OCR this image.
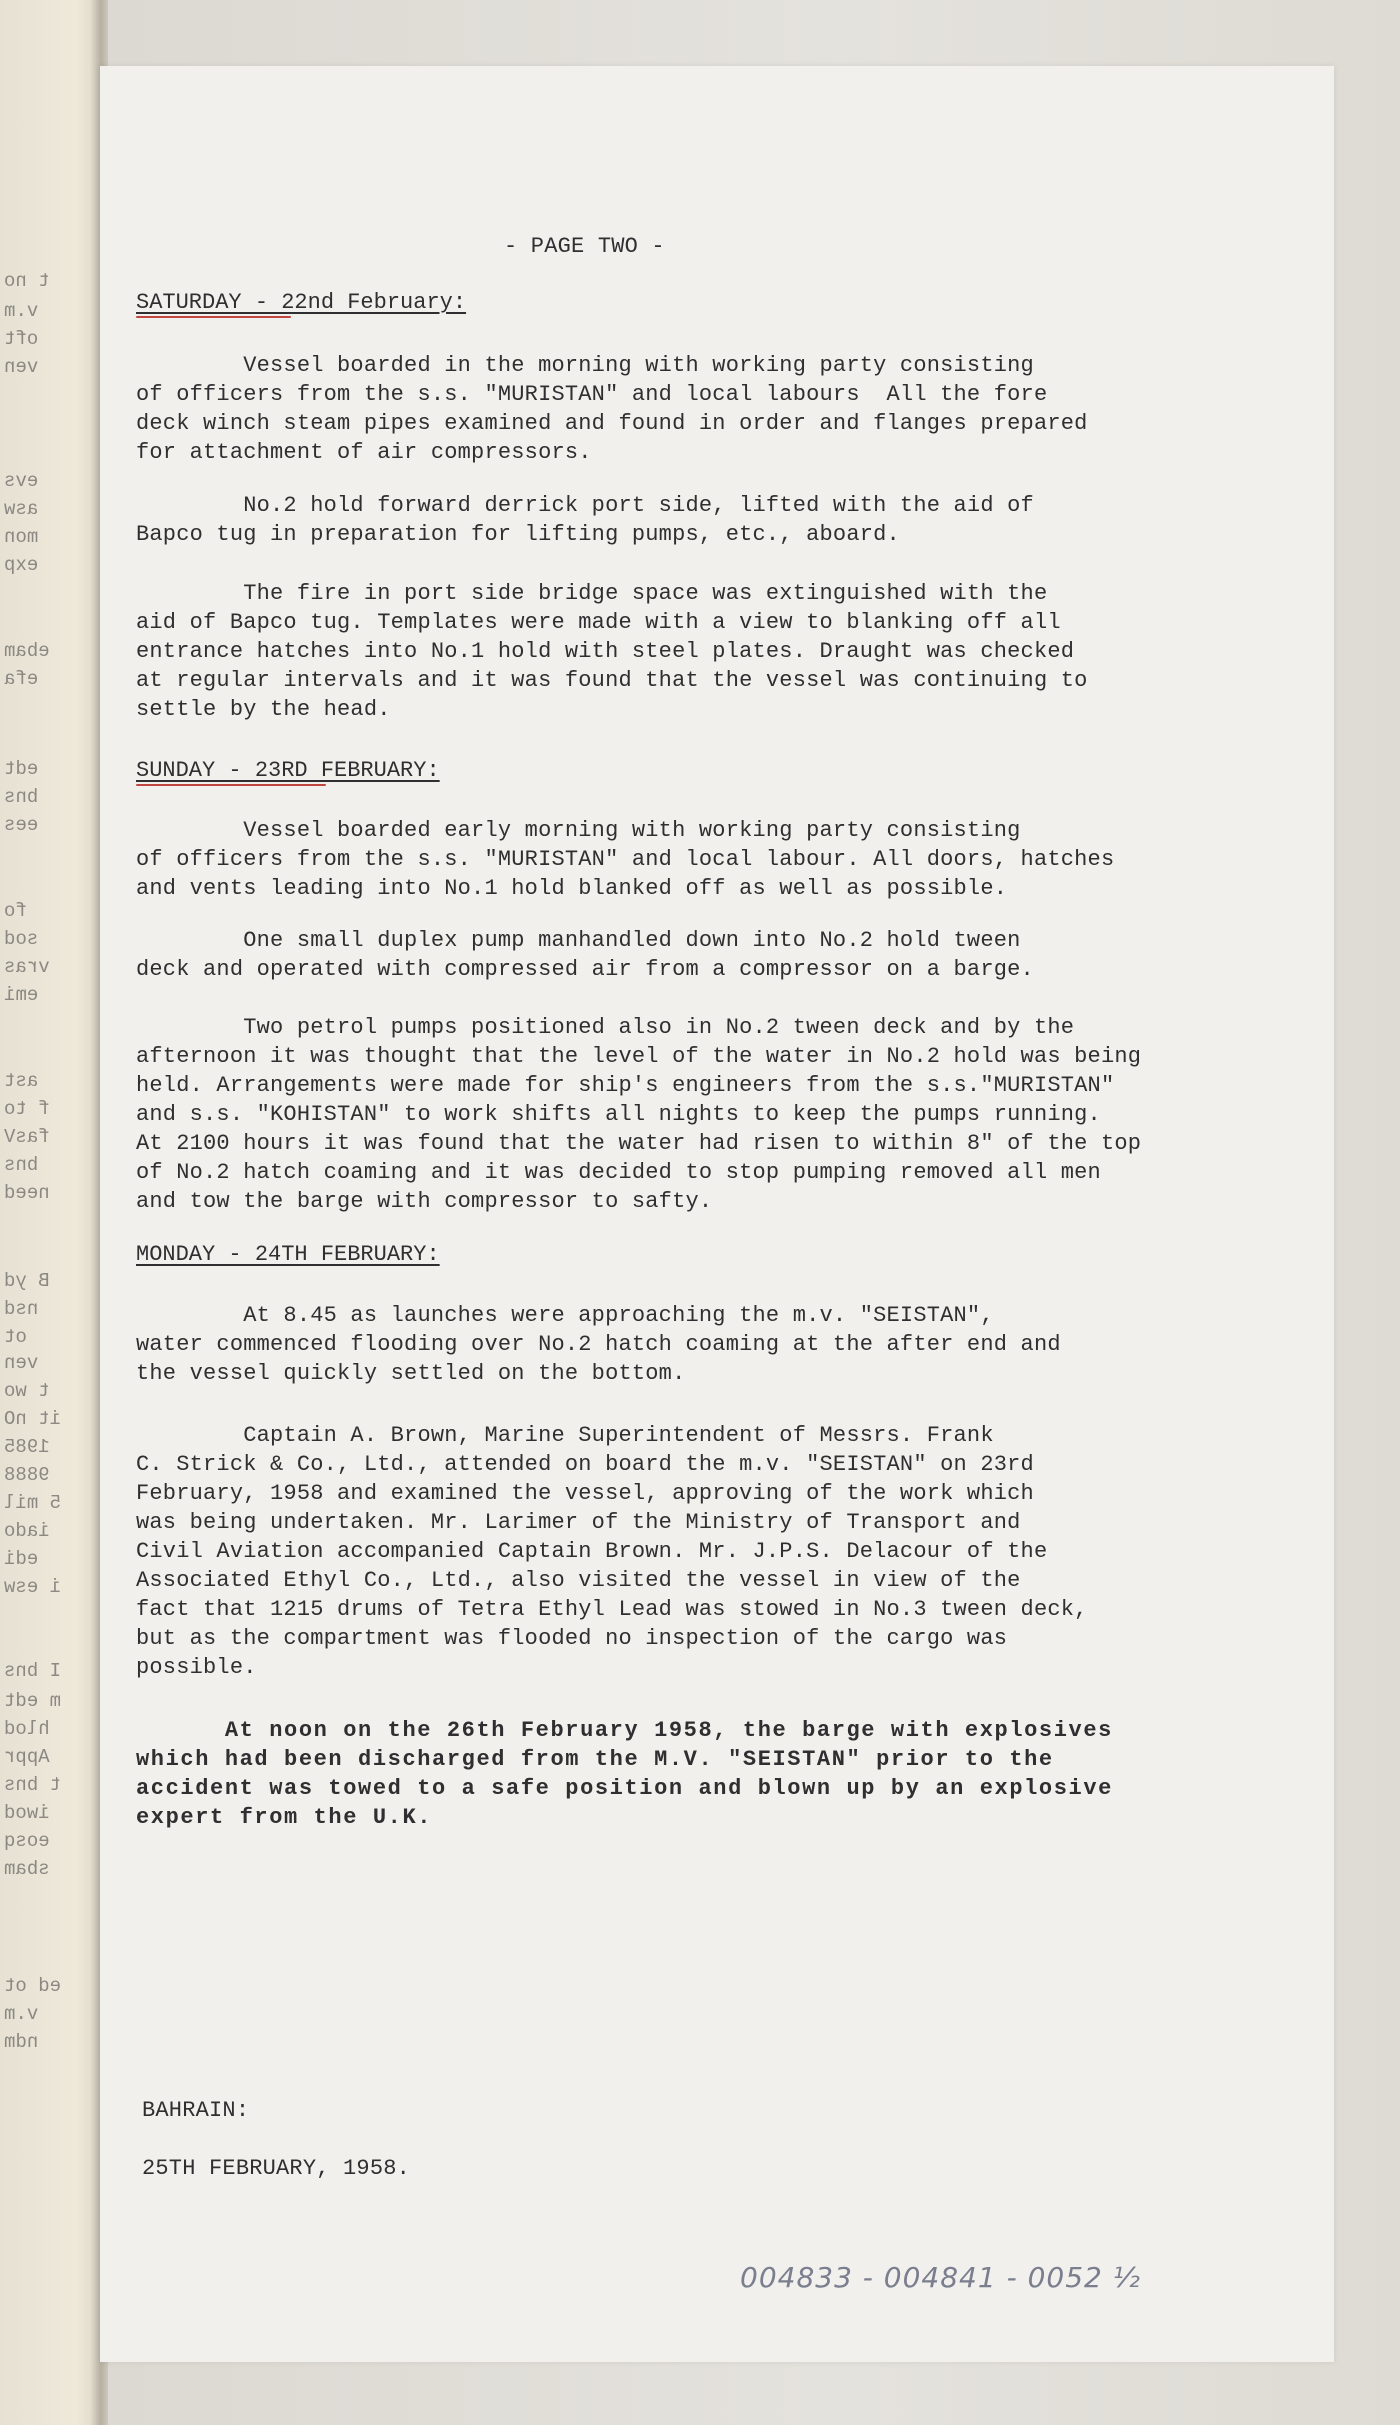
t no
v.m
oft
ven
evs
asw
mon
exp
ebam
efa
edt
bns
ees
fo
sod
vras
emi
ast
f to
fasV
bns
need
B yd
nsd
ot
ven
t wo
it nO
1985
9888
5 mil
iado
edi
i esw
I bns
m edt
hlod
Appr
t bns
iwod
eosq
sbam
ed ot
v.m
ndm
- PAGE TWO -
SATURDAY - 22nd February:
Vessel boarded in the morning with working party consisting
of officers from the s.s. "MURISTAN" and local labours  All the fore
deck winch steam pipes examined and found in order and flanges prepared
for attachment of air compressors.
No.2 hold forward derrick port side, lifted with the aid of
Bapco tug in preparation for lifting pumps, etc., aboard.
The fire in port side bridge space was extinguished with the
aid of Bapco tug. Templates were made with a view to blanking off all
entrance hatches into No.1 hold with steel plates. Draught was checked
at regular intervals and it was found that the vessel was continuing to
settle by the head.
SUNDAY - 23RD FEBRUARY:
Vessel boarded early morning with working party consisting
of officers from the s.s. "MURISTAN" and local labour. All doors, hatches
and vents leading into No.1 hold blanked off as well as possible.
One small duplex pump manhandled down into No.2 hold tween
deck and operated with compressed air from a compressor on a barge.
Two petrol pumps positioned also in No.2 tween deck and by the
afternoon it was thought that the level of the water in No.2 hold was being
held. Arrangements were made for ship's engineers from the s.s."MURISTAN"
and s.s. "KOHISTAN" to work shifts all nights to keep the pumps running.
At 2100 hours it was found that the water had risen to within 8" of the top
of No.2 hatch coaming and it was decided to stop pumping removed all men
and tow the barge with compressor to safty.
MONDAY - 24TH FEBRUARY:
At 8.45 as launches were approaching the m.v. "SEISTAN",
water commenced flooding over No.2 hatch coaming at the after end and
the vessel quickly settled on the bottom.
Captain A. Brown, Marine Superintendent of Messrs. Frank
C. Strick & Co., Ltd., attended on board the m.v. "SEISTAN" on 23rd
February, 1958 and examined the vessel, approving of the work which
was being undertaken. Mr. Larimer of the Ministry of Transport and
Civil Aviation accompanied Captain Brown. Mr. J.P.S. Delacour of the
Associated Ethyl Co., Ltd., also visited the vessel in view of the
fact that 1215 drums of Tetra Ethyl Lead was stowed in No.3 tween deck,
but as the compartment was flooded no inspection of the cargo was
possible.
At noon on the 26th February 1958, the barge with explosives
which had been discharged from the M.V. "SEISTAN" prior to the
accident was towed to a safe position and blown up by an explosive
expert from the U.K.
BAHRAIN:
25TH FEBRUARY, 1958.
004833 - 004841 - 0052 ½
